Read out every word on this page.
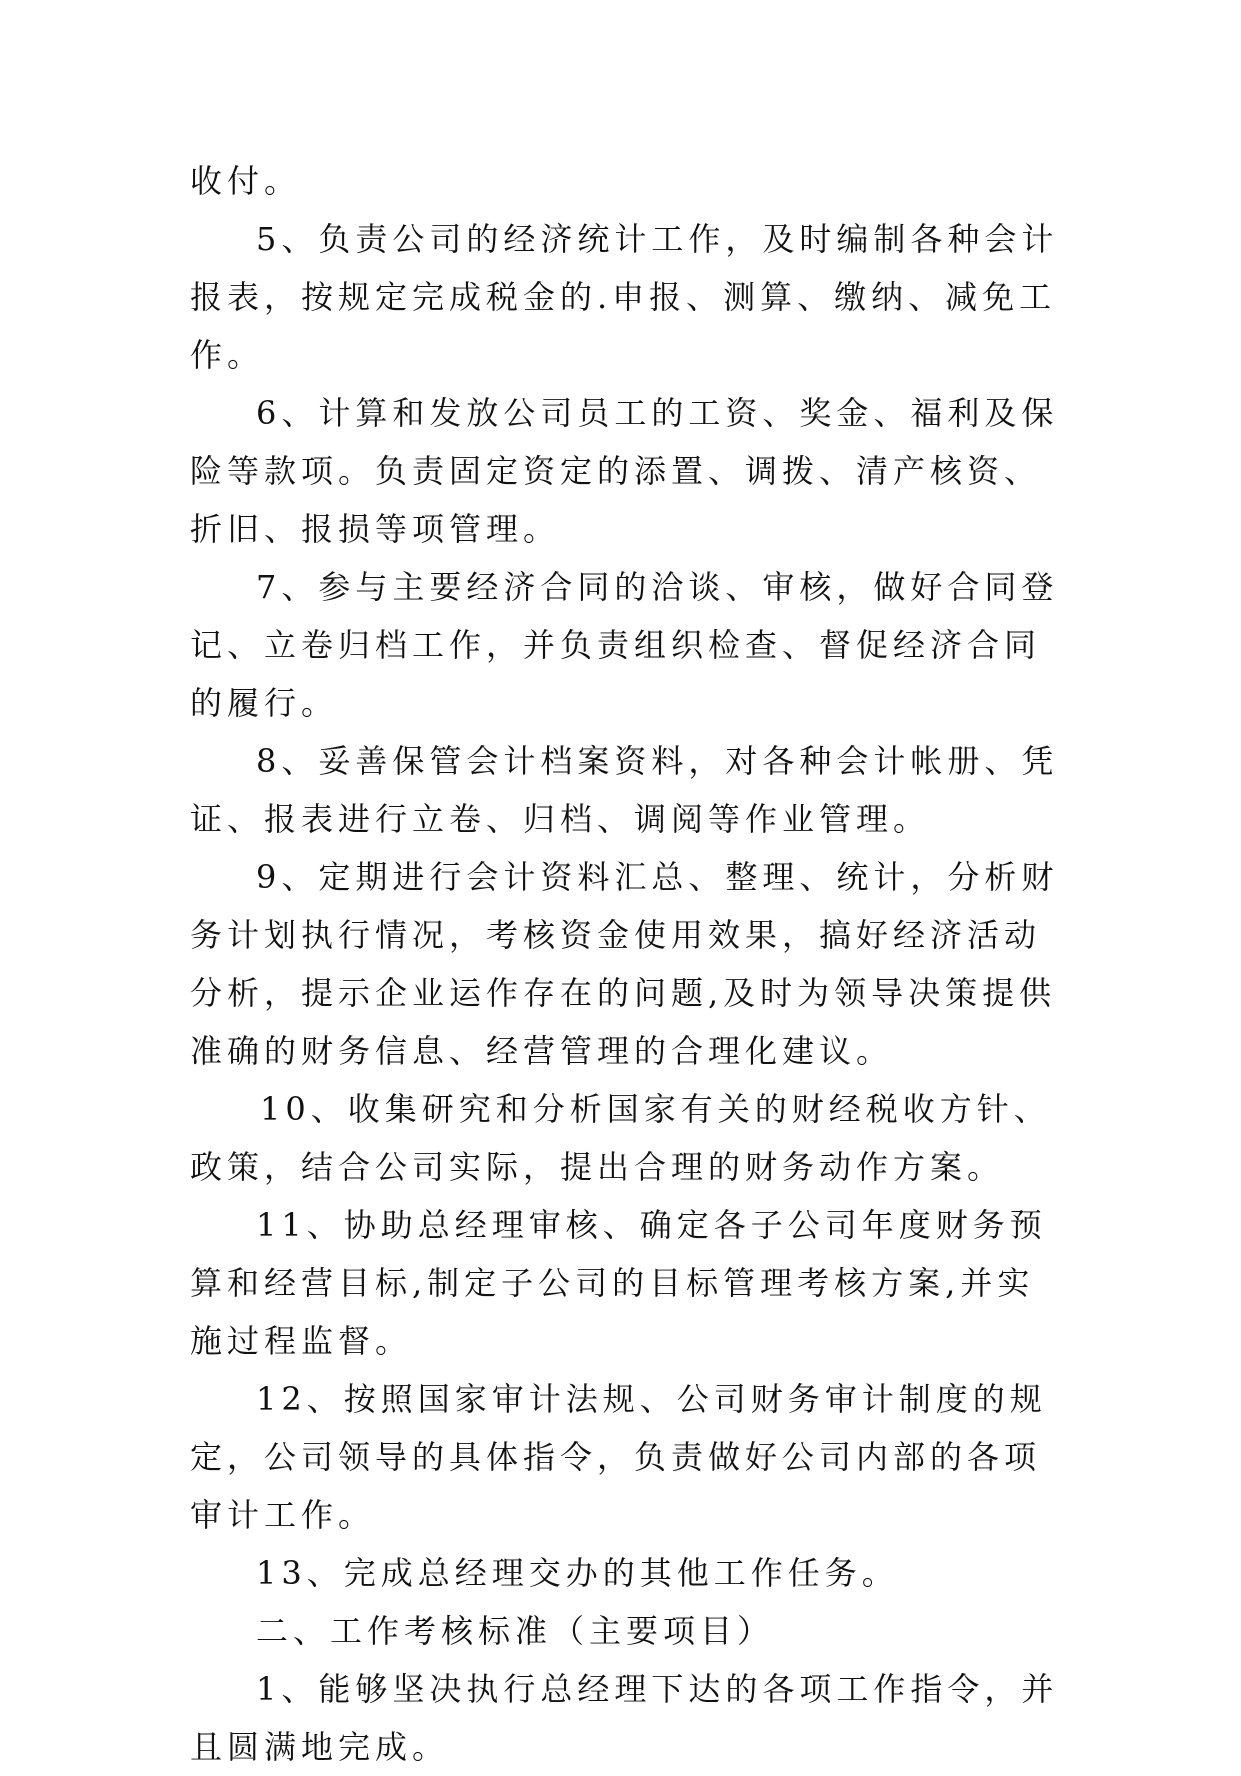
收付。

5、负责公司的经济统计工作，及时编制各种会计报表，按规定完成税金的.申报、测算、缴纳、减免工作。

6、计算和发放公司员工的工资、奖金、福利及保险等款项。负责固定资定的添置、调拨、清产核资、折旧、报损等项管理。

7、参与主要经济合同的洽谈、审核，做好合同登记、立卷归档工作，并负责组织检查、督促经济合同的履行。

8、妥善保管会计档案资料，对各种会计帐册、凭证、报表进行立卷、归档、调阅等作业管理。

9、定期进行会计资料汇总、整理、统计，分析财务计划执行情况，考核资金使用效果，搞好经济活动分析，提示企业运作存在的问题,及时为领导决策提供准确的财务信息、经营管理的合理化建议。

10、收集研究和分析国家有关的财经税收方针、政策，结合公司实际，提出合理的财务动作方案。

11、协助总经理审核、确定各子公司年度财务预算和经营目标,制定子公司的目标管理考核方案,并实施过程监督。

12、按照国家审计法规、公司财务审计制度的规定，公司领导的具体指令，负责做好公司内部的各项审计工作。

13、完成总经理交办的其他工作任务。

二、工作考核标准（主要项目）

1、能够坚决执行总经理下达的各项工作指令，并且圆满地完成。
